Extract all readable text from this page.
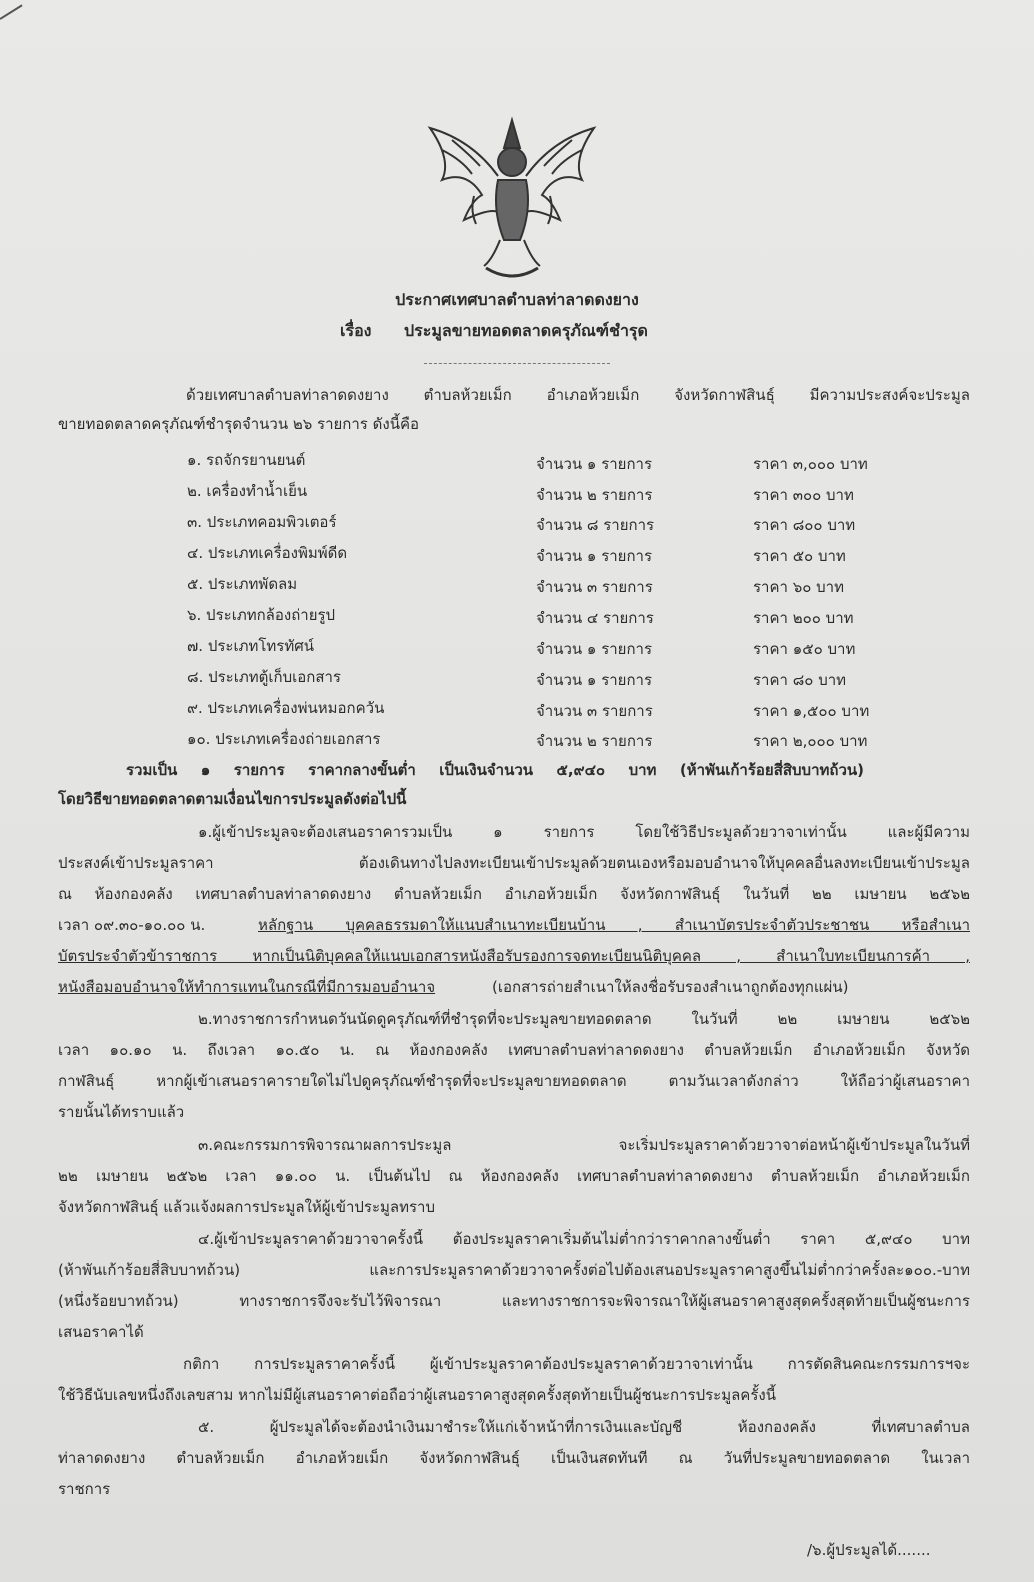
ประกาศเทศบาลตำบลท่าลาดดงยาง
เรื่อง ประมูลขายทอดตลาดครุภัณฑ์ชำรุด
ด้วยเทศบาลตำบลท่าลาดดงยาง ตำบลห้วยเม็ก อำเภอห้วยเม็ก จังหวัดกาฬสินธุ์ มีความประสงค์จะประมูล
ขายทอดตลาดครุภัณฑ์ชำรุดจำนวน ๒๖ รายการ ดังนี้คือ
๑. รถจักรยานยนต์	จำนวน ๑ รายการ	ราคา ๓,๐๐๐ บาท
๒. เครื่องทำน้ำเย็น	จำนวน ๒ รายการ	ราคา ๓๐๐ บาท
๓. ประเภทคอมพิวเตอร์	จำนวน ๘ รายการ	ราคา ๘๐๐ บาท
๔. ประเภทเครื่องพิมพ์ดีด	จำนวน ๑ รายการ	ราคา ๕๐ บาท
๕. ประเภทพัดลม	จำนวน ๓ รายการ	ราคา ๖๐ บาท
๖. ประเภทกล้องถ่ายรูป	จำนวน ๔ รายการ	ราคา ๒๐๐ บาท
๗. ประเภทโทรทัศน์	จำนวน ๑ รายการ	ราคา ๑๕๐ บาท
๘. ประเภทตู้เก็บเอกสาร	จำนวน ๑ รายการ	ราคา ๘๐ บาท
๙. ประเภทเครื่องพ่นหมอกควัน	จำนวน ๓ รายการ	ราคา ๑,๕๐๐ บาท
๑๐. ประเภทเครื่องถ่ายเอกสาร	จำนวน ๒ รายการ	ราคา ๒,๐๐๐ บาท
รวมเป็น ๑ รายการ ราคากลางขั้นต่ำ เป็นเงินจำนวน ๕,๙๔๐ บาท (ห้าพันเก้าร้อยสี่สิบบาทถ้วน)
โดยวิธีขายทอดตลาดตามเงื่อนไขการประมูลดังต่อไปนี้
๑.ผู้เข้าประมูลจะต้องเสนอราคารวมเป็น ๑ รายการ โดยใช้วิธีประมูลด้วยวาจาเท่านั้น และผู้มีความ
ประสงค์เข้าประมูลราคา ต้องเดินทางไปลงทะเบียนเข้าประมูลด้วยตนเองหรือมอบอำนาจให้บุคคลอื่นลงทะเบียนเข้าประมูล
ณ ห้องกองคลัง เทศบาลตำบลท่าลาดดงยาง ตำบลห้วยเม็ก อำเภอห้วยเม็ก จังหวัดกาฬสินธุ์ ในวันที่ ๒๒ เมษายน ๒๕๖๒
เวลา ๐๙.๓๐-๑๐.๐๐ น.	หลักฐาน บุคคลธรรมดาให้แนบสำเนาทะเบียนบ้าน , สำเนาบัตรประจำตัวประชาชน หรือสำเนา
บัตรประจำตัวข้าราชการ หากเป็นนิติบุคคลให้แนบเอกสารหนังสือรับรองการจดทะเบียนนิติบุคคล , สำเนาใบทะเบียนการค้า ,
หนังสือมอบอำนาจให้ทำการแทนในกรณีที่มีการมอบอำนาจ	(เอกสารถ่ายสำเนาให้ลงชื่อรับรองสำเนาถูกต้องทุกแผ่น)
๒.ทางราชการกำหนดวันนัดดูครุภัณฑ์ที่ชำรุดที่จะประมูลขายทอดตลาด ในวันที่ ๒๒ เมษายน ๒๕๖๒
เวลา ๑๐.๑๐ น. ถึงเวลา ๑๐.๕๐ น. ณ ห้องกองคลัง เทศบาลตำบลท่าลาดดงยาง ตำบลห้วยเม็ก อำเภอห้วยเม็ก จังหวัด
กาฬสินธุ์ หากผู้เข้าเสนอราคารายใดไม่ไปดูครุภัณฑ์ชำรุดที่จะประมูลขายทอดตลาด ตามวันเวลาดังกล่าว ให้ถือว่าผู้เสนอราคา
รายนั้นได้ทราบแล้ว
๓.คณะกรรมการพิจารณาผลการประมูล จะเริ่มประมูลราคาด้วยวาจาต่อหน้าผู้เข้าประมูลในวันที่
๒๒ เมษายน ๒๕๖๒ เวลา ๑๑.๐๐ น. เป็นต้นไป ณ ห้องกองคลัง เทศบาลตำบลท่าลาดดงยาง ตำบลห้วยเม็ก อำเภอห้วยเม็ก
จังหวัดกาฬสินธุ์ แล้วแจ้งผลการประมูลให้ผู้เข้าประมูลทราบ
๔.ผู้เข้าประมูลราคาด้วยวาจาครั้งนี้ ต้องประมูลราคาเริ่มต้นไม่ต่ำกว่าราคากลางขั้นต่ำ ราคา ๕,๙๔๐ บาท
(ห้าพันเก้าร้อยสี่สิบบาทถ้วน) และการประมูลราคาด้วยวาจาครั้งต่อไปต้องเสนอประมูลราคาสูงขึ้นไม่ต่ำกว่าครั้งละ๑๐๐.-บาท
(หนึ่งร้อยบาทถ้วน) ทางราชการจึงจะรับไว้พิจารณา และทางราชการจะพิจารณาให้ผู้เสนอราคาสูงสุดครั้งสุดท้ายเป็นผู้ชนะการ
เสนอราคาได้
กติกา การประมูลราคาครั้งนี้ ผู้เข้าประมูลราคาต้องประมูลราคาด้วยวาจาเท่านั้น การตัดสินคณะกรรมการฯจะ
ใช้วิธีนับเลขหนึ่งถึงเลขสาม หากไม่มีผู้เสนอราคาต่อถือว่าผู้เสนอราคาสูงสุดครั้งสุดท้ายเป็นผู้ชนะการประมูลครั้งนี้
๕. ผู้ประมูลได้จะต้องนำเงินมาชำระให้แก่เจ้าหน้าที่การเงินและบัญชี ห้องกองคลัง ที่เทศบาลตำบล
ท่าลาดดงยาง ตำบลห้วยเม็ก อำเภอห้วยเม็ก จังหวัดกาฬสินธุ์ เป็นเงินสดทันที ณ วันที่ประมูลขายทอดตลาด ในเวลา
ราชการ
/๖.ผู้ประมูลได้.......
